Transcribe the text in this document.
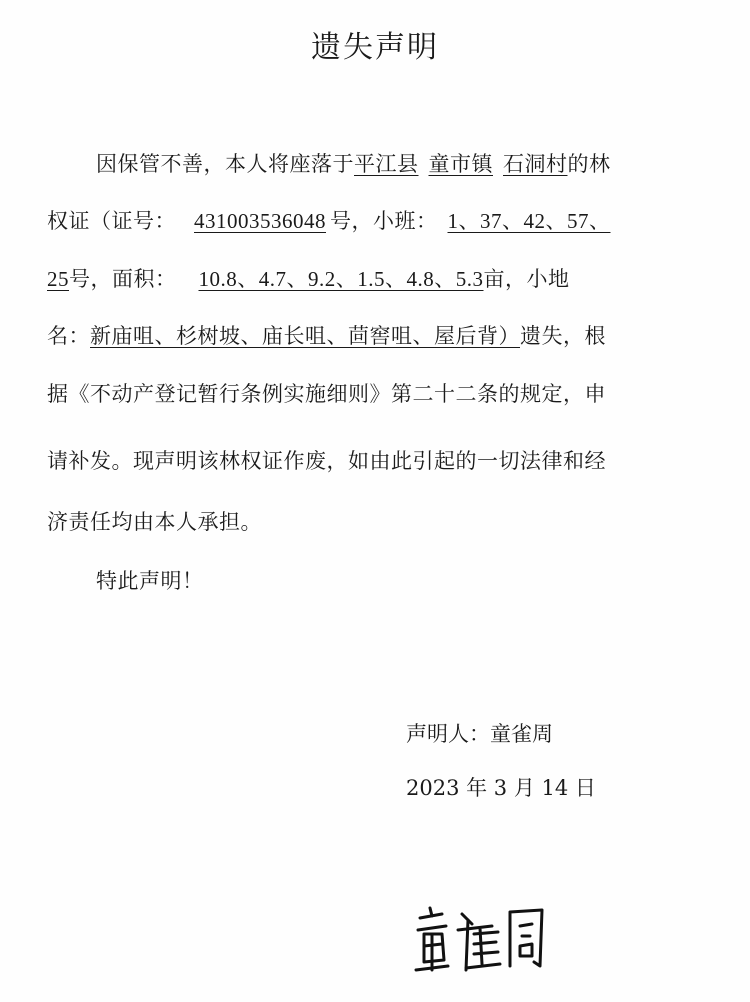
遗失声明
因保管不善，本人将座落于平江县 童市镇 石洞村的林
权证（证号： 431003536048 号，小班： 1、37、42、57、
25号，面积： 10.8、4.7、9.2、1.5、4.8、5.3亩，小地
名：新庙咀、杉树坡、庙长咀、茴窖咀、屋后背）遗失，根
据《不动产登记暂行条例实施细则》第二十二条的规定，申
请补发。现声明该林权证作废，如由此引起的一切法律和经
济责任均由本人承担。
特此声明！
声明人：童雀周
2023 年 3 月 14 日
